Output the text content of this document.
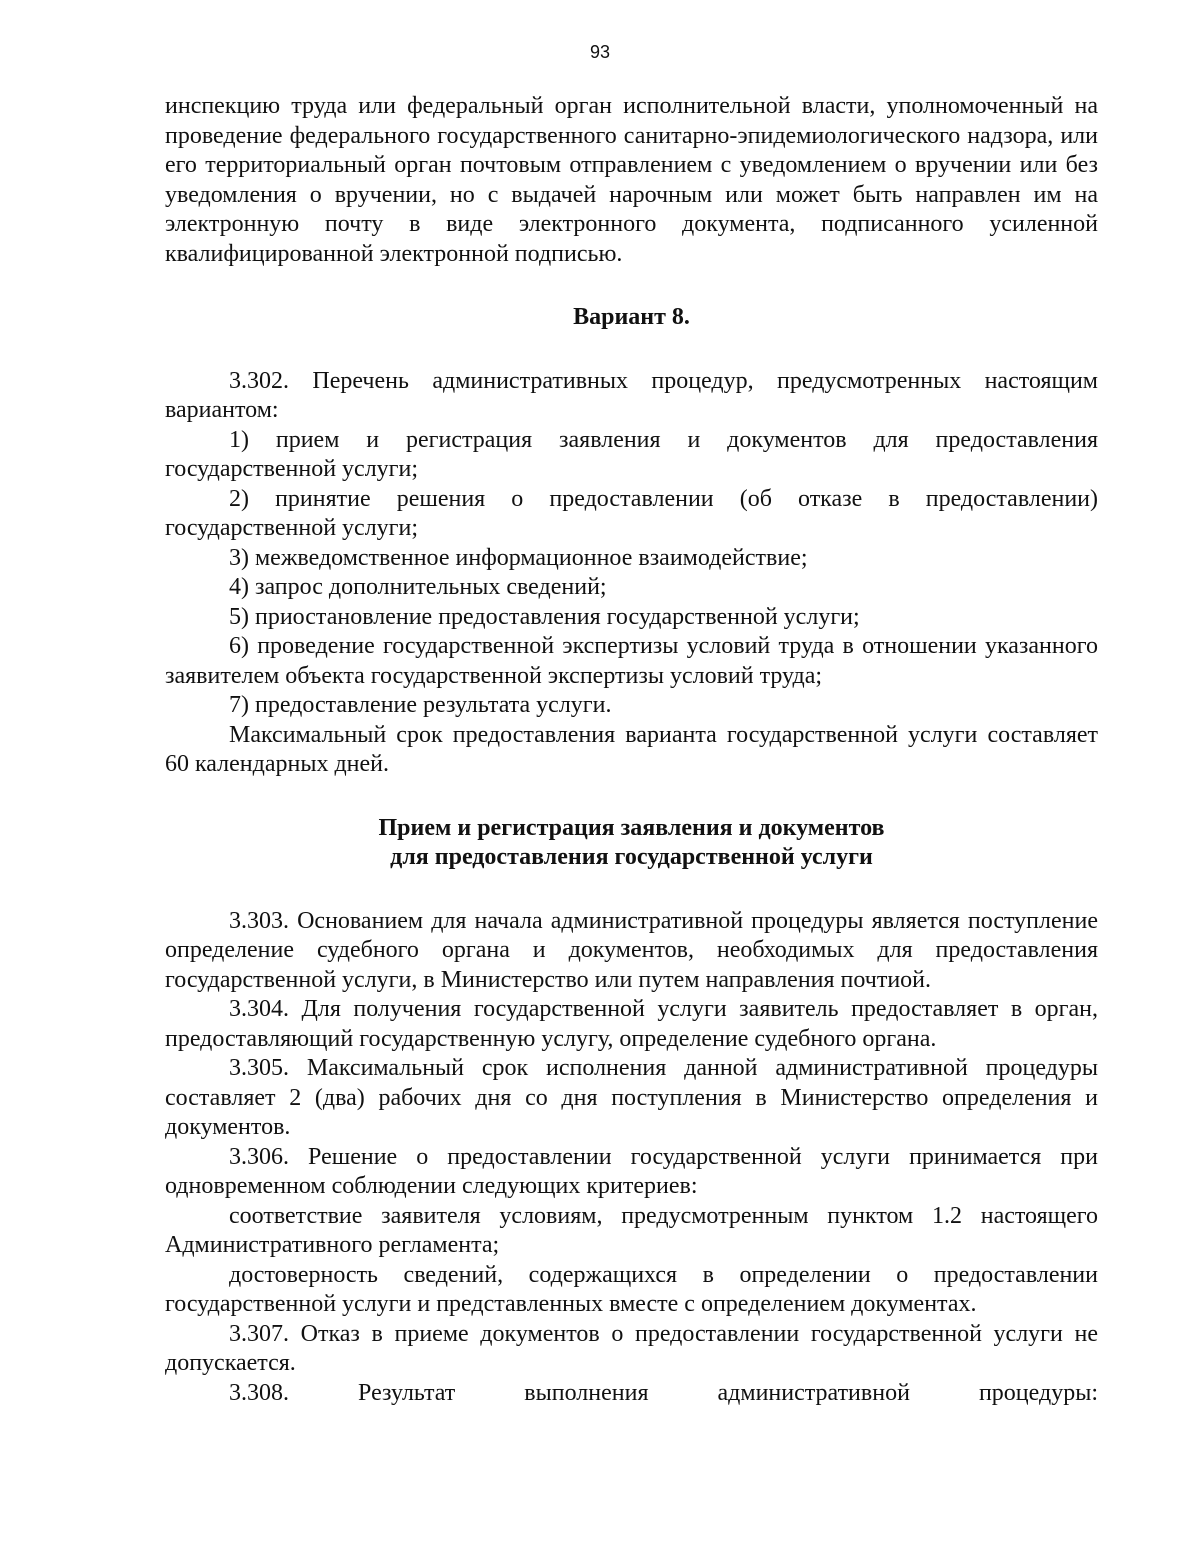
93

инспекцию труда или федеральный орган исполнительной власти, уполномоченный на проведение федерального государственного санитарно-эпидемиологического надзора, или его территориальный орган почтовым отправлением с уведомлением о вручении или без уведомления о вручении, но с выдачей нарочным или может быть направлен им на электронную почту в виде электронного документа, подписанного усиленной квалифицированной электронной подписью.

Вариант 8.

3.302. Перечень административных процедур, предусмотренных настоящим вариантом:

1) прием и регистрация заявления и документов для предоставления государственной услуги;

2) принятие решения о предоставлении (об отказе в предоставлении) государственной услуги;

3) межведомственное информационное взаимодействие;

4) запрос дополнительных сведений;

5) приостановление предоставления государственной услуги;

6) проведение государственной экспертизы условий труда в отношении указанного заявителем объекта государственной экспертизы условий труда;

7) предоставление результата услуги.

Максимальный срок предоставления варианта государственной услуги составляет 60 календарных дней.

Прием и регистрация заявления и документов
для предоставления государственной услуги

3.303. Основанием для начала административной процедуры является поступление определение судебного органа и документов, необходимых для предоставления государственной услуги, в Министерство или путем направления почтиой.

3.304. Для получения государственной услуги заявитель предоставляет в орган, предоставляющий государственную услугу, определение судебного органа.

3.305. Максимальный срок исполнения данной административной процедуры составляет 2 (два) рабочих дня со дня поступления в Министерство определения и документов.

3.306. Решение о предоставлении государственной услуги принимается при одновременном соблюдении следующих критериев:

соответствие заявителя условиям, предусмотренным пунктом 1.2 настоящего Административного регламента;

достоверность сведений, содержащихся в определении о предоставлении государственной услуги и представленных вместе с определением документах.

3.307. Отказ в приеме документов о предоставлении государственной услуги не допускается.

3.308. Результат выполнения административной процедуры:
